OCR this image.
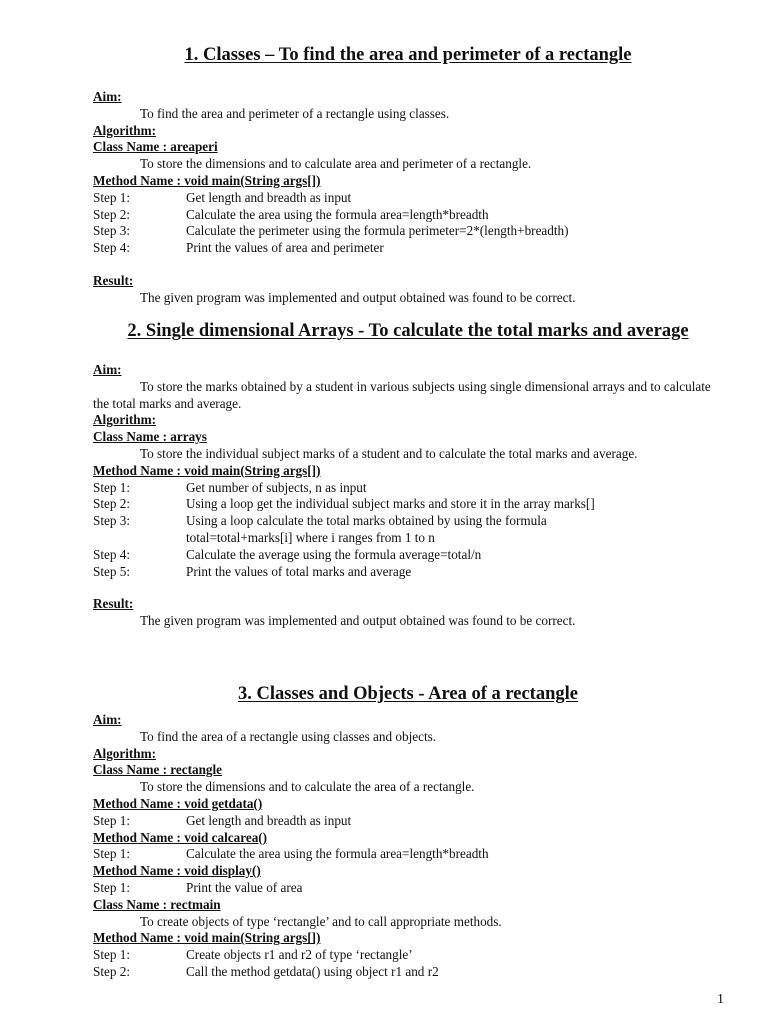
1. Classes – To find the area and perimeter of a rectangle
Aim:
To find the area and perimeter of a rectangle using classes.
Algorithm:
Class Name : areaperi
To store the dimensions and to calculate area and perimeter of a rectangle.
Method Name : void main(String args[])
Step 1:	Get length and breadth as input
Step 2:	Calculate the area using the formula area=length*breadth
Step 3:	Calculate the perimeter using the formula perimeter=2*(length+breadth)
Step 4:	Print the values of area and perimeter
Result:
The given program was implemented and output obtained was found to be correct.
2. Single dimensional Arrays - To calculate the total marks and average
Aim:
To store the marks obtained by a student in various subjects using single dimensional arrays and to calculate the total marks and average.
Algorithm:
Class Name : arrays
To store the individual subject marks of a student and to calculate the total marks and average.
Method Name : void main(String args[])
Step 1:	Get number of subjects, n as input
Step 2:	Using a loop get the individual subject marks and store it in the array marks[]
Step 3:	Using a loop calculate the total marks obtained by using the formula
total=total+marks[i] where i ranges from 1 to n
Step 4:	Calculate the average using the formula average=total/n
Step 5:	Print the values of total marks and average
Result:
The given program was implemented and output obtained was found to be correct.
3. Classes and Objects - Area of a rectangle
Aim:
To find the area of a rectangle using classes and objects.
Algorithm:
Class Name : rectangle
To store the dimensions and to calculate the area of a rectangle.
Method Name : void getdata()
Step 1:	Get length and breadth as input
Method Name : void calcarea()
Step 1:	Calculate the area using the formula area=length*breadth
Method Name : void display()
Step 1:	Print the value of area
Class Name : rectmain
To create objects of type ‘rectangle’ and to call appropriate methods.
Method Name : void main(String args[])
Step 1:	Create objects r1 and r2 of type ‘rectangle’
Step 2:	Call the method getdata() using object r1 and r2
1
